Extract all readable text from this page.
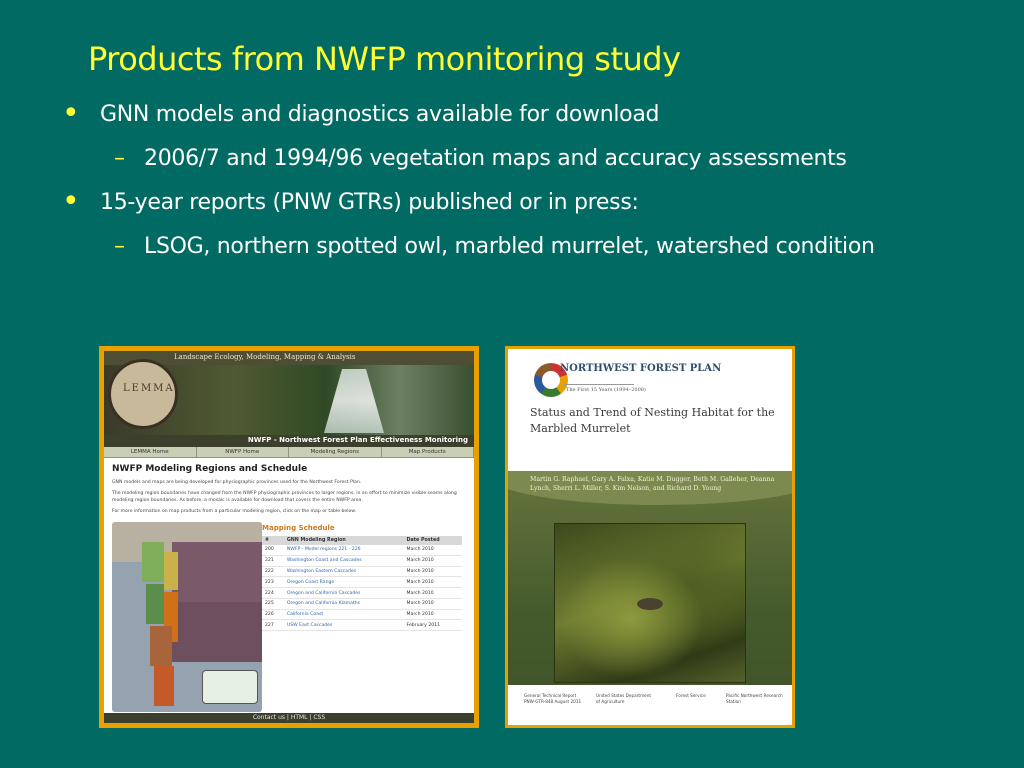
Products from NWFP monitoring study
• GNN models and diagnostics available for download
– 2006/7 and 1994/96 vegetation maps and accuracy assessments
• 15-year reports (PNW GTRs) published or in press:
– LSOG, northern spotted owl, marbled murrelet, watershed condition
Landscape Ecology, Modeling, Mapping & Analysis
LEMMA
NWFP - Northwest Forest Plan Effectiveness Monitoring
LEMMA Home	NWFP Home	Modeling Regions	Map Products
NWFP Modeling Regions and Schedule
GNN models and maps are being developed for physiographic provinces used for the Northwest Forest Plan.
The modeling region boundaries have changed from the NWFP physiographic provinces to larger regions, in an effort to minimize visible seams along modeling region boundaries. As before, a mosaic is available for download that covers the entire NWFP area.
For more information on map products from a particular modeling region, click on the map or table below.
Mapping Schedule
#	GNN Modeling Region	Date Posted
200	NWFP - Model regions 221 - 226	March 2010
221	Washington Coast and Cascades	March 2010
222	Washington Eastern Cascades	March 2010
223	Oregon Coast Range	March 2010
224	Oregon and California Cascades	March 2010
225	Oregon and California Klamaths	March 2010
226	California Coast	March 2010
227	USW East Cascades	February 2011
Contact us | HTML | CSS
NORTHWEST FOREST PLAN
The First 15 Years (1994–2008)
Status and Trend of Nesting Habitat for the Marbled Murrelet
Martin G. Raphael, Gary A. Falxa, Katie M. Dugger, Beth M. Galleher, Deanna Lynch, Sherri L. Miller, S. Kim Nelson, and Richard D. Young
General Technical Report PNW-GTR-848 August 2011
United States Department of Agriculture
Forest Service	Pacific Northwest Research Station
